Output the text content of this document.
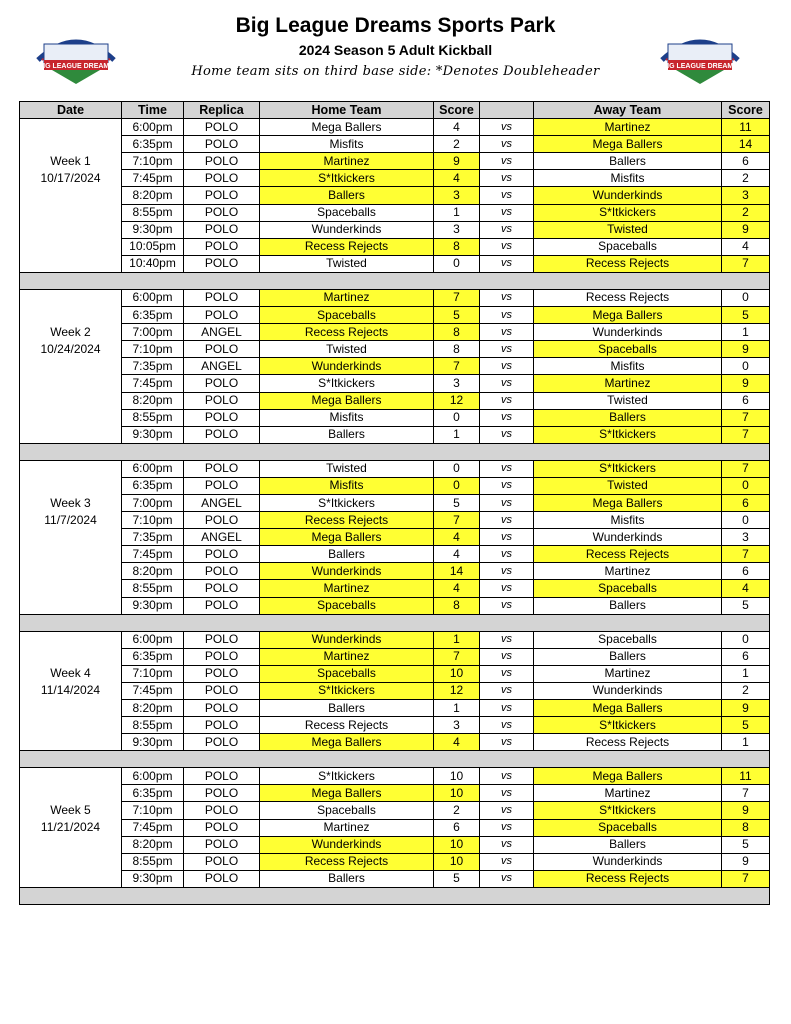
BIG LEAGUE DREAMS	BIG LEAGUE DREAMS
Big League Dreams Sports Park
2024 Season 5 Adult Kickball
Home team sits on third base side: *Denotes Doubleheader
Date	Time	Replica	Home Team	Score		Away Team	Score
	6:00pm	POLO	Mega Ballers	4	vs	Martinez	11
	6:35pm	POLO	Misfits	2	vs	Mega Ballers	14
Week 1	7:10pm	POLO	Martinez	9	vs	Ballers	6
10/17/2024	7:45pm	POLO	S*Itkickers	4	vs	Misfits	2
	8:20pm	POLO	Ballers	3	vs	Wunderkinds	3
	8:55pm	POLO	Spaceballs	1	vs	S*Itkickers	2
	9:30pm	POLO	Wunderkinds	3	vs	Twisted	9
	10:05pm	POLO	Recess Rejects	8	vs	Spaceballs	4
	10:40pm	POLO	Twisted	0	vs	Recess Rejects	7

	6:00pm	POLO	Martinez	7	vs	Recess Rejects	0
	6:35pm	POLO	Spaceballs	5	vs	Mega Ballers	5
Week 2	7:00pm	ANGEL	Recess Rejects	8	vs	Wunderkinds	1
10/24/2024	7:10pm	POLO	Twisted	8	vs	Spaceballs	9
	7:35pm	ANGEL	Wunderkinds	7	vs	Misfits	0
	7:45pm	POLO	S*Itkickers	3	vs	Martinez	9
	8:20pm	POLO	Mega Ballers	12	vs	Twisted	6
	8:55pm	POLO	Misfits	0	vs	Ballers	7
	9:30pm	POLO	Ballers	1	vs	S*Itkickers	7

	6:00pm	POLO	Twisted	0	vs	S*Itkickers	7
	6:35pm	POLO	Misfits	0	vs	Twisted	0
Week 3	7:00pm	ANGEL	S*Itkickers	5	vs	Mega Ballers	6
11/7/2024	7:10pm	POLO	Recess Rejects	7	vs	Misfits	0
	7:35pm	ANGEL	Mega Ballers	4	vs	Wunderkinds	3
	7:45pm	POLO	Ballers	4	vs	Recess Rejects	7
	8:20pm	POLO	Wunderkinds	14	vs	Martinez	6
	8:55pm	POLO	Martinez	4	vs	Spaceballs	4
	9:30pm	POLO	Spaceballs	8	vs	Ballers	5

	6:00pm	POLO	Wunderkinds	1	vs	Spaceballs	0
	6:35pm	POLO	Martinez	7	vs	Ballers	6
Week 4	7:10pm	POLO	Spaceballs	10	vs	Martinez	1
11/14/2024	7:45pm	POLO	S*Itkickers	12	vs	Wunderkinds	2
	8:20pm	POLO	Ballers	1	vs	Mega Ballers	9
	8:55pm	POLO	Recess Rejects	3	vs	S*Itkickers	5
	9:30pm	POLO	Mega Ballers	4	vs	Recess Rejects	1

	6:00pm	POLO	S*Itkickers	10	vs	Mega Ballers	11
	6:35pm	POLO	Mega Ballers	10	vs	Martinez	7
Week 5	7:10pm	POLO	Spaceballs	2	vs	S*Itkickers	9
11/21/2024	7:45pm	POLO	Martinez	6	vs	Spaceballs	8
	8:20pm	POLO	Wunderkinds	10	vs	Ballers	5
	8:55pm	POLO	Recess Rejects	10	vs	Wunderkinds	9
	9:30pm	POLO	Ballers	5	vs	Recess Rejects	7
